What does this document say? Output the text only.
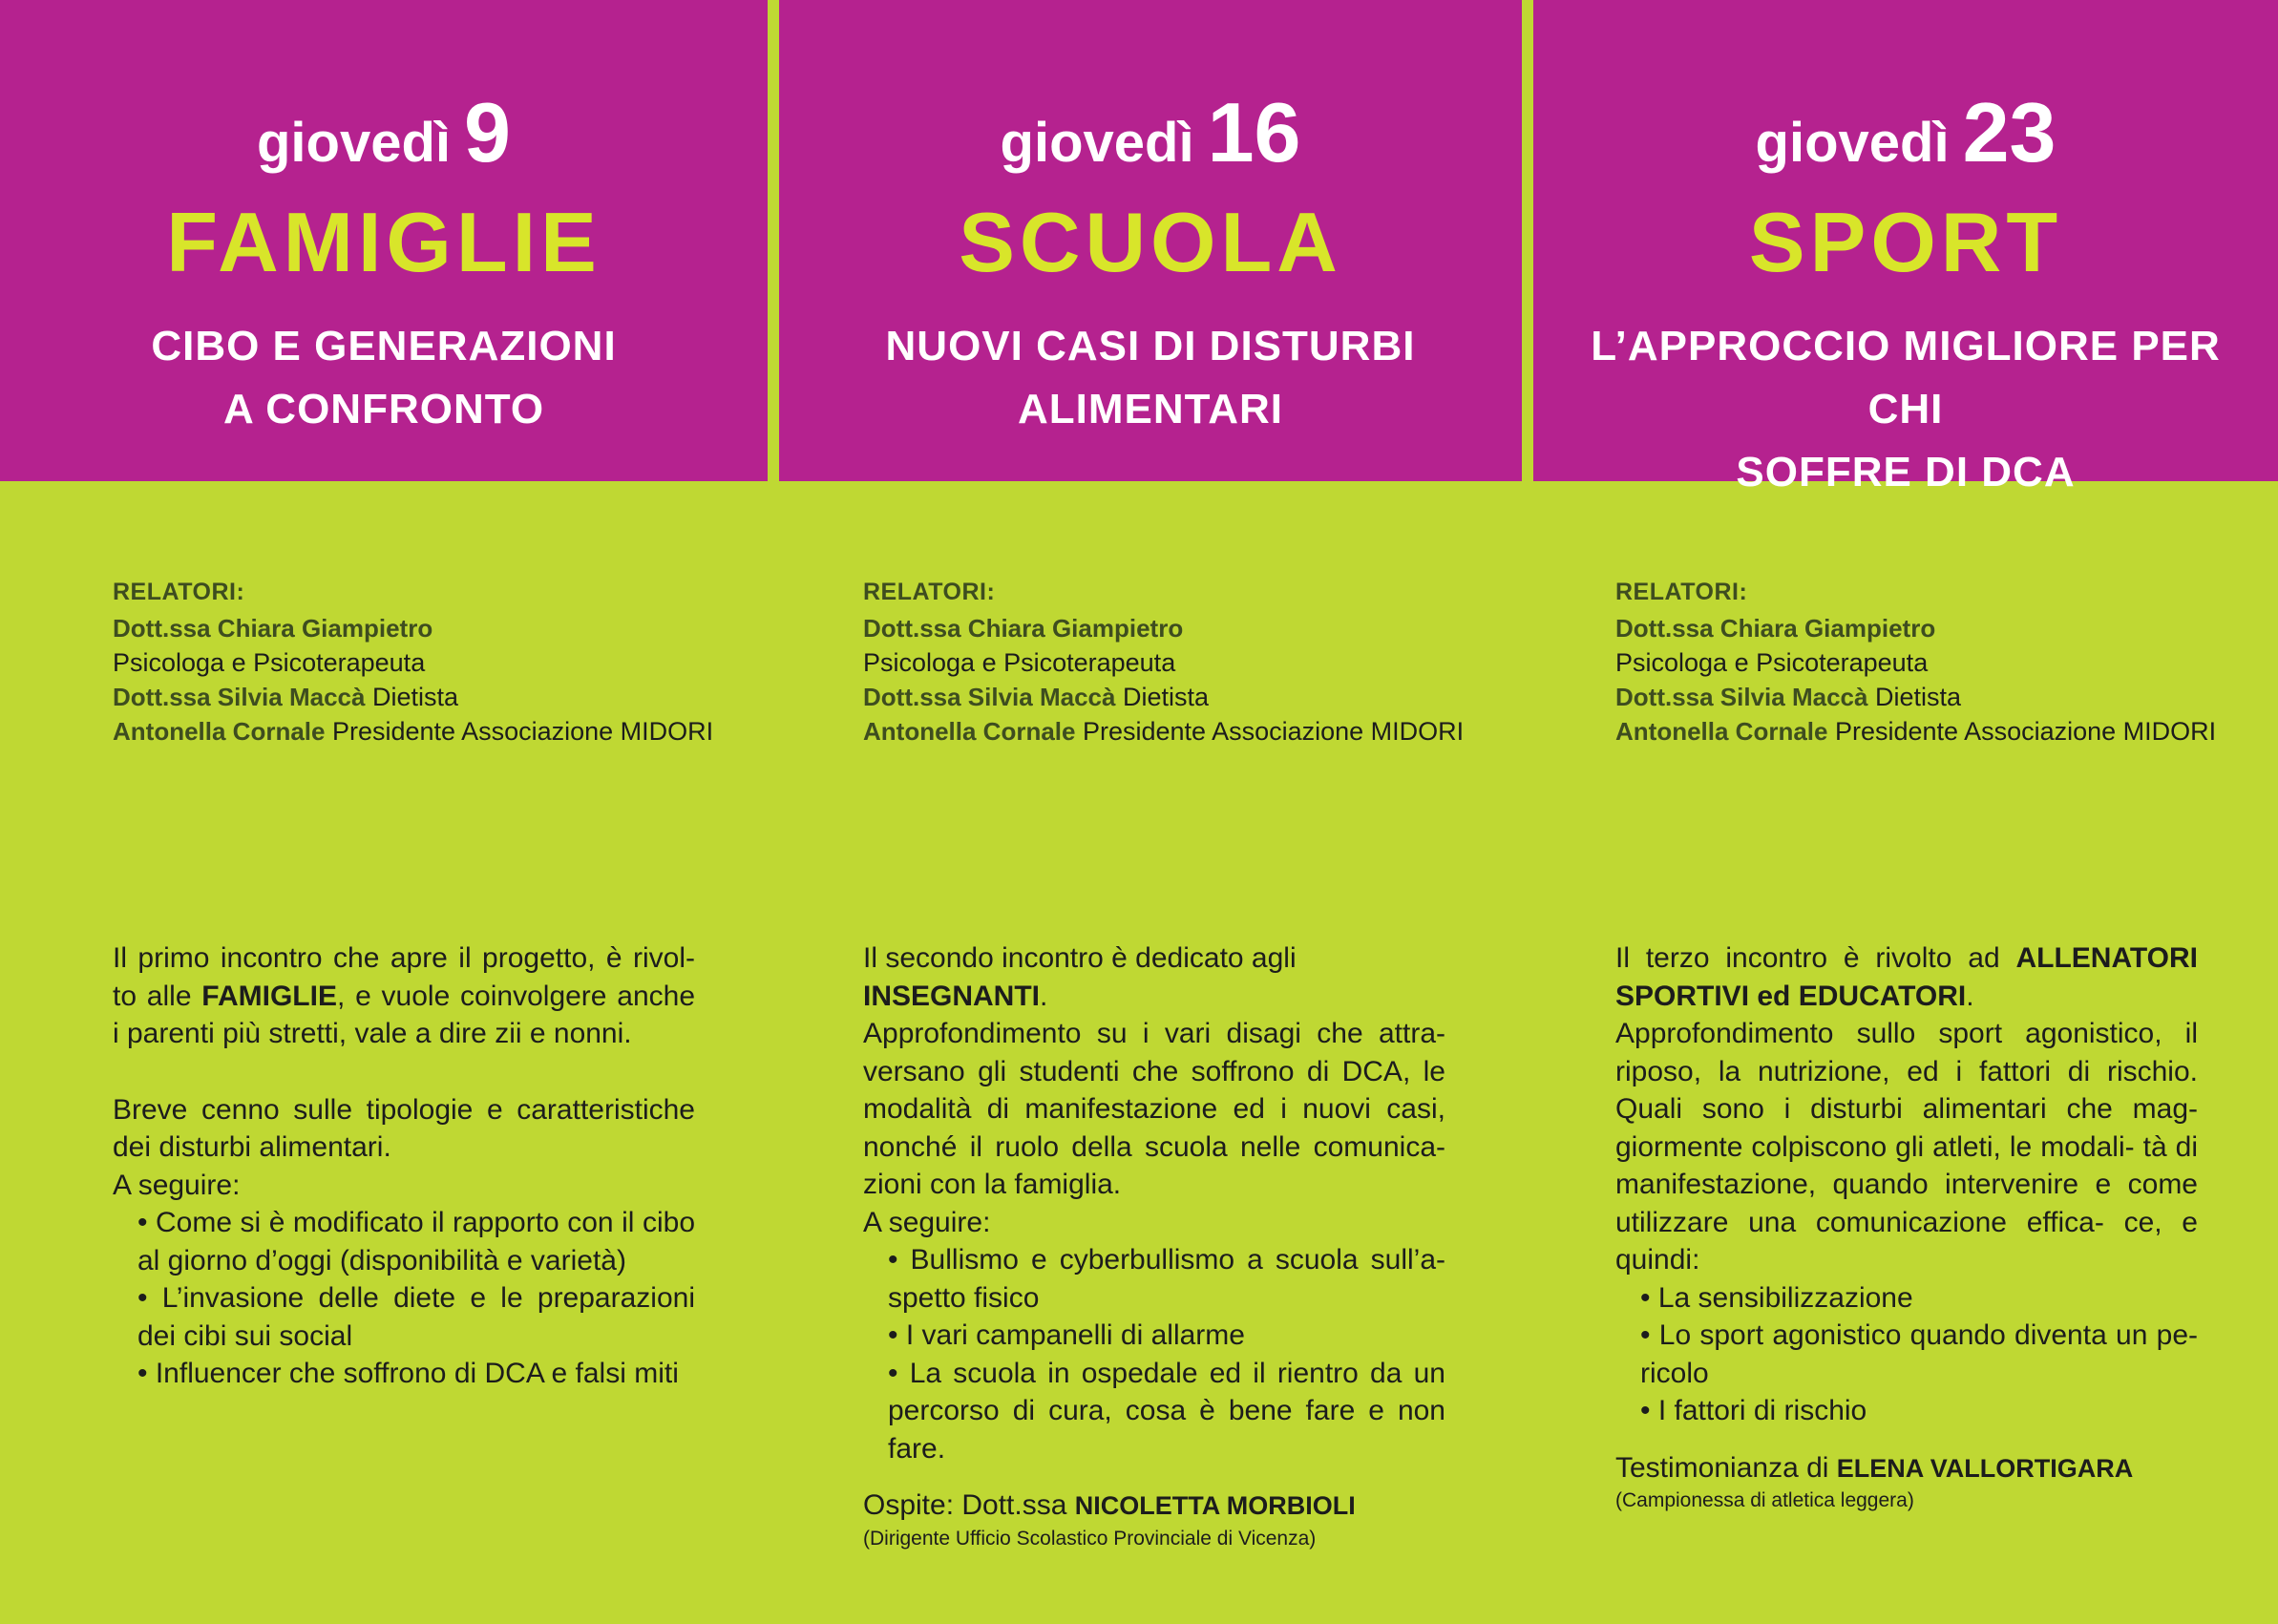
giovedì 9
FAMIGLIE
CIBO E GENERAZIONI
A CONFRONTO
giovedì 16
SCUOLA
NUOVI CASI DI DISTURBI
ALIMENTARI
giovedì 23
SPORT
L’APPROCCIO MIGLIORE PER CHI
SOFFRE DI DCA
RELATORI:
Dott.ssa Chiara Giampietro
Psicologa e Psicoterapeuta
Dott.ssa Silvia Maccà Dietista
Antonella Cornale Presidente Associazione MIDORI
RELATORI:
Dott.ssa Chiara Giampietro
Psicologa e Psicoterapeuta
Dott.ssa Silvia Maccà Dietista
Antonella Cornale Presidente Associazione MIDORI
RELATORI:
Dott.ssa Chiara Giampietro
Psicologa e Psicoterapeuta
Dott.ssa Silvia Maccà Dietista
Antonella Cornale Presidente Associazione MIDORI

Il primo incontro che apre il progetto, è rivol- to alle FAMIGLIE, e vuole coinvolgere anche i parenti più stretti, vale a dire zii e nonni.

Breve cenno sulle tipologie e caratteristiche dei disturbi alimentari.

A seguire:

• Come si è modificato il rapporto con il cibo al giorno d’oggi (disponibilità e varietà)

• L’invasione delle diete e le preparazioni dei cibi sui social

• Influencer che soffrono di DCA e falsi miti

Il secondo incontro è dedicato agli

INSEGNANTI.

Approfondimento su i vari disagi che attra- versano gli studenti che soffrono di DCA, le modalità di manifestazione ed i nuovi casi, nonché il ruolo della scuola nelle comunica- zioni con la famiglia.

A seguire:

• Bullismo e cyberbullismo a scuola sull’a- spetto fisico

• I vari campanelli di allarme

• La scuola in ospedale ed il rientro da un percorso di cura, cosa è bene fare e non fare.

Ospite: Dott.ssa NICOLETTA MORBIOLI

(Dirigente Ufficio Scolastico Provinciale di Vicenza)

Il terzo incontro è rivolto ad ALLENATORI SPORTIVI ed EDUCATORI.

Approfondimento sullo sport agonistico, il riposo, la nutrizione, ed i fattori di rischio. Quali sono i disturbi alimentari che mag- giormente colpiscono gli atleti, le modali- tà di manifestazione, quando intervenire e come utilizzare una comunicazione effica- ce, e quindi:

• La sensibilizzazione

• Lo sport agonistico quando diventa un pe- ricolo

• I fattori di rischio

Testimonianza di ELENA VALLORTIGARA

(Campionessa di atletica leggera)
